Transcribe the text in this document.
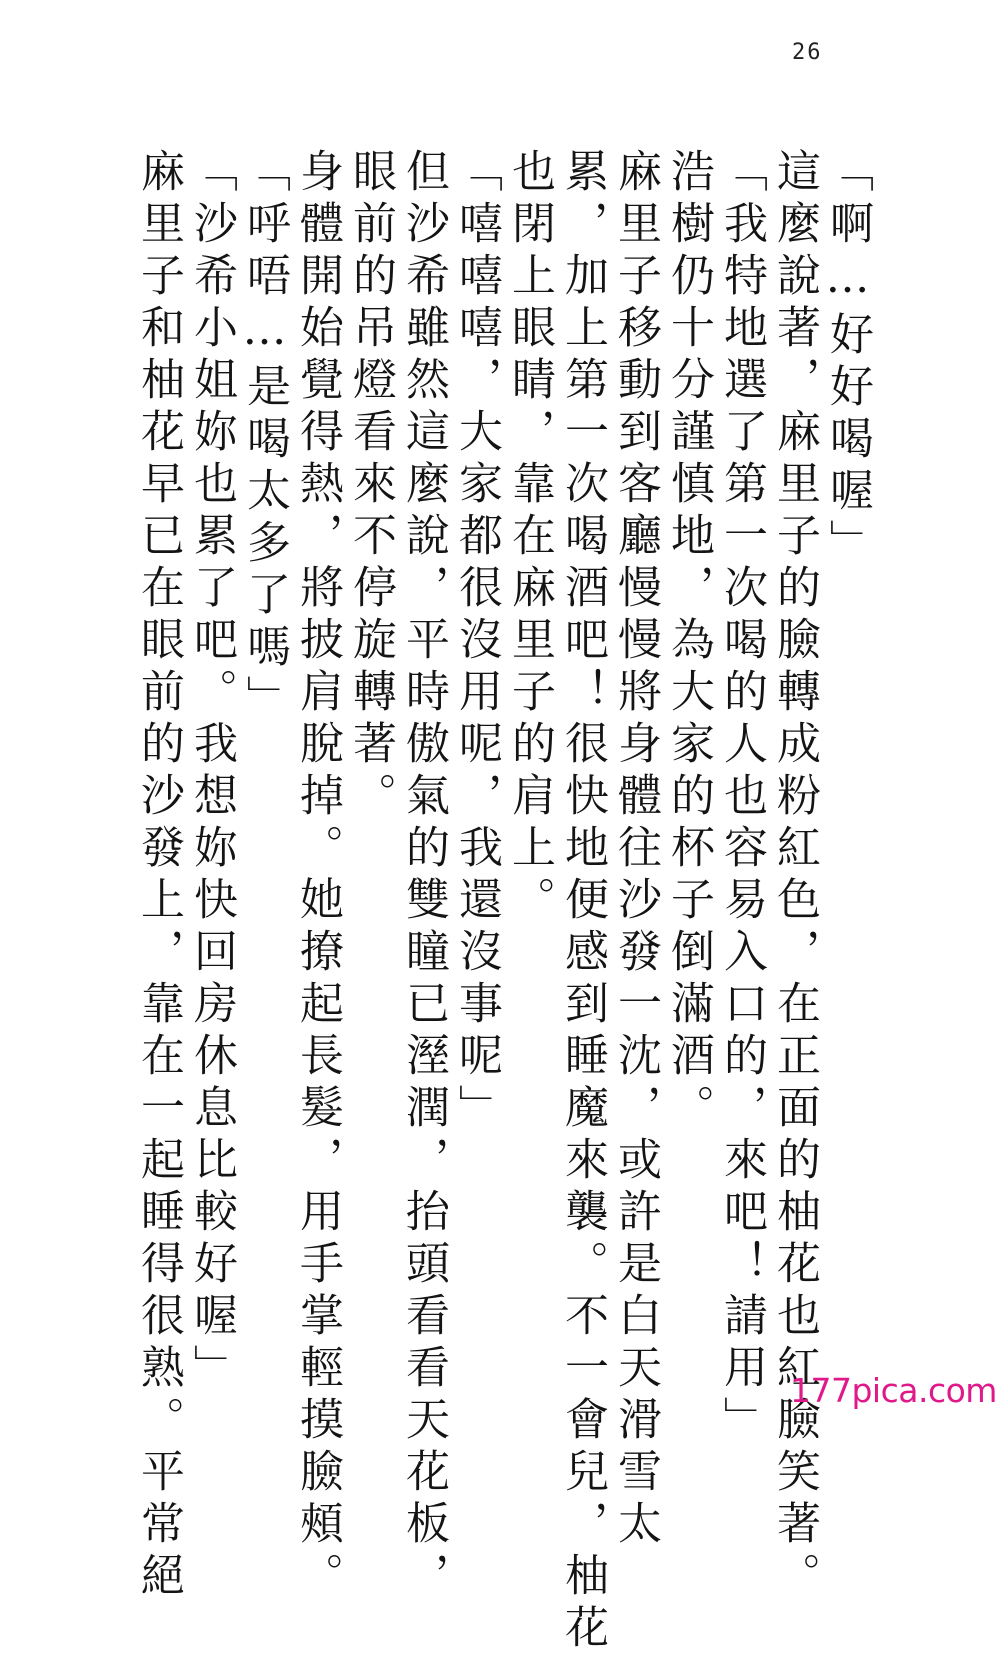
26

「啊…好好喝喔」

這麼說著，麻里子的臉轉成粉紅色，在正面的柚花也紅臉笑著。

「我特地選了第一次喝的人也容易入口的，來吧！請用」

浩樹仍十分謹慎地，為大家的杯子倒滿酒。

麻里子移動到客廳慢慢將身體往沙發一沈，或許是白天滑雪太

累，加上第一次喝酒吧！很快地便感到睡魔來襲。不一會兒，柚花

也閉上眼睛，靠在麻里子的肩上。

「嘻嘻嘻，大家都很沒用呢，我還沒事呢」

但沙希雖然這麼說，平時傲氣的雙瞳已溼潤，抬頭看看天花板，

眼前的吊燈看來不停旋轉著。

身體開始覺得熱，將披肩脫掉。她撩起長髮，用手掌輕摸臉頰。

「呼唔…是喝太多了嗎」

「沙希小姐妳也累了吧。我想妳快回房休息比較好喔」

麻里子和柚花早已在眼前的沙發上，靠在一起睡得很熟。平常絕	177pica.com
